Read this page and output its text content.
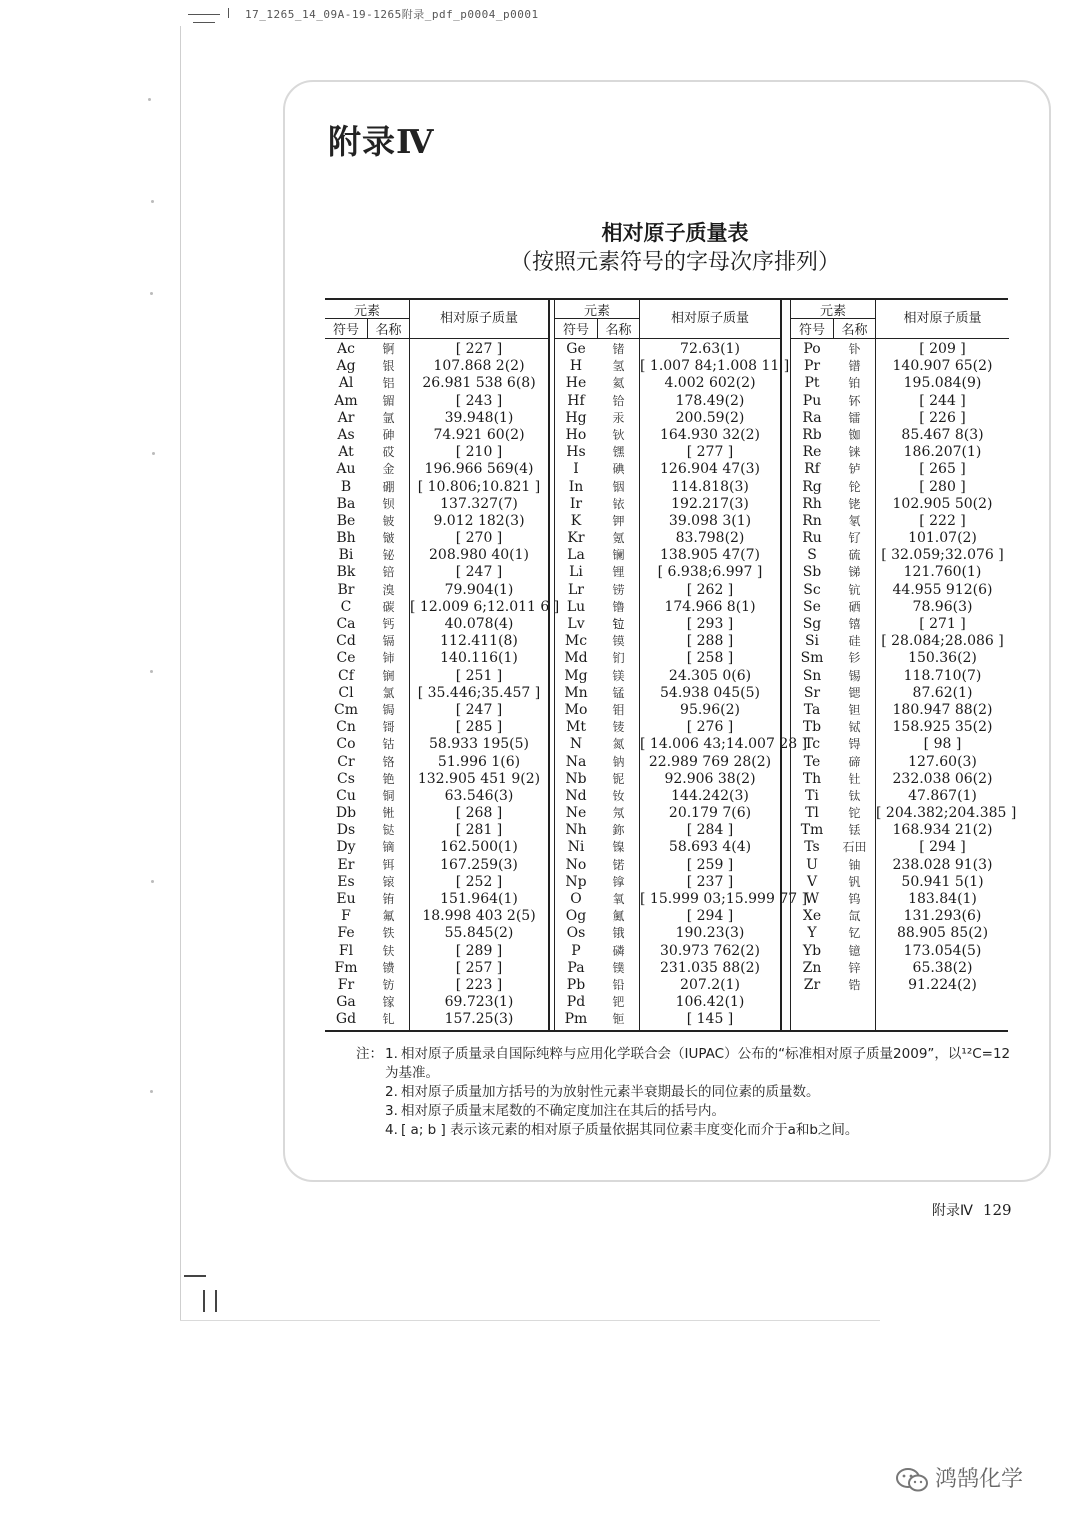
17_1265_14_09A-19-1265附录_pdf_p0004_p0001
附录Ⅳ
相对原子质量表
（按照元素符号的字母次序排列）
元素
符号	名称
相对原子质量
Ac	锕	[ 227 ]
Ag	银	107.868 2(2)
Al	铝	26.981 538 6(8)
Am	镅	[ 243 ]
Ar	氩	39.948(1)
As	砷	74.921 60(2)
At	砹	[ 210 ]
Au	金	196.966 569(4)
B	硼	[ 10.806;10.821 ]
Ba	钡	137.327(7)
Be	铍	9.012 182(3)
Bh	𬭛	[ 270 ]
Bi	铋	208.980 40(1)
Bk	锫	[ 247 ]
Br	溴	79.904(1)
C	碳	[ 12.009 6;12.011 6 ]
Ca	钙	40.078(4)
Cd	镉	112.411(8)
Ce	铈	140.116(1)
Cf	锎	[ 251 ]
Cl	氯	[ 35.446;35.457 ]
Cm	锔	[ 247 ]
Cn	鿔	[ 285 ]
Co	钴	58.933 195(5)
Cr	铬	51.996 1(6)
Cs	铯	132.905 451 9(2)
Cu	铜	63.546(3)
Db	𬭊	[ 268 ]
Ds	𫟼	[ 281 ]
Dy	镝	162.500(1)
Er	铒	167.259(3)
Es	锿	[ 252 ]
Eu	铕	151.964(1)
F	氟	18.998 403 2(5)
Fe	铁	55.845(2)
Fl	𫓧	[ 289 ]
Fm	镄	[ 257 ]
Fr	钫	[ 223 ]
Ga	镓	69.723(1)
Gd	钆	157.25(3)
元素
符号	名称
相对原子质量
Ge	锗	72.63(1)
H	氢	[ 1.007 84;1.008 11 ]
He	氦	4.002 602(2)
Hf	铪	178.49(2)
Hg	汞	200.59(2)
Ho	钬	164.930 32(2)
Hs	𬭶	[ 277 ]
I	碘	126.904 47(3)
In	铟	114.818(3)
Ir	铱	192.217(3)
K	钾	39.098 3(1)
Kr	氪	83.798(2)
La	镧	138.905 47(7)
Li	锂	[ 6.938;6.997 ]
Lr	铹	[ 262 ]
Lu	镥	174.966 8(1)
Lv	𫟷	[ 293 ]
Mc	镆	[ 288 ]
Md	钔	[ 258 ]
Mg	镁	24.305 0(6)
Mn	锰	54.938 045(5)
Mo	钼	95.96(2)
Mt	鿏	[ 276 ]
N	氮	[ 14.006 43;14.007 28 ]
Na	钠	22.989 769 28(2)
Nb	铌	92.906 38(2)
Nd	钕	144.242(3)
Ne	氖	20.179 7(6)
Nh	鉨	[ 284 ]
Ni	镍	58.693 4(4)
No	锘	[ 259 ]
Np	镎	[ 237 ]
O	氧	[ 15.999 03;15.999 77 ]
Og	鿫	[ 294 ]
Os	锇	190.23(3)
P	磷	30.973 762(2)
Pa	镤	231.035 88(2)
Pb	铅	207.2(1)
Pd	钯	106.42(1)
Pm	钷	[ 145 ]
元素
符号	名称
相对原子质量
Po	钋	[ 209 ]
Pr	镨	140.907 65(2)
Pt	铂	195.084(9)
Pu	钚	[ 244 ]
Ra	镭	[ 226 ]
Rb	铷	85.467 8(3)
Re	铼	186.207(1)
Rf	𬬻	[ 265 ]
Rg	𬬭	[ 280 ]
Rh	铑	102.905 50(2)
Rn	氡	[ 222 ]
Ru	钌	101.07(2)
S	硫	[ 32.059;32.076 ]
Sb	锑	121.760(1)
Sc	钪	44.955 912(6)
Se	硒	78.96(3)
Sg	𬭳	[ 271 ]
Si	硅	[ 28.084;28.086 ]
Sm	钐	150.36(2)
Sn	锡	118.710(7)
Sr	锶	87.62(1)
Ta	钽	180.947 88(2)
Tb	铽	158.925 35(2)
Tc	锝	[ 98 ]
Te	碲	127.60(3)
Th	钍	232.038 06(2)
Ti	钛	47.867(1)
Tl	铊	[ 204.382;204.385 ]
Tm	铥	168.934 21(2)
Ts	石田	[ 294 ]
U	铀	238.028 91(3)
V	钒	50.941 5(1)
W	钨	183.84(1)
Xe	氙	131.293(6)
Y	钇	88.905 85(2)
Yb	镱	173.054(5)
Zn	锌	65.38(2)
Zr	锆	91.224(2)
注： 1. 相对原子质量录自国际纯粹与应用化学联合会（IUPAC）公布的“标准相对原子质量2009”，以¹²C=12为基准。
2. 相对原子质量加方括号的为放射性元素半衰期最长的同位素的质量数。
3. 相对原子质量末尾数的不确定度加注在其后的括号内。
4. [ a; b ] 表示该元素的相对原子质量依据其同位素丰度变化而介于a和b之间。
附录Ⅳ 129
鸿鹄化学
